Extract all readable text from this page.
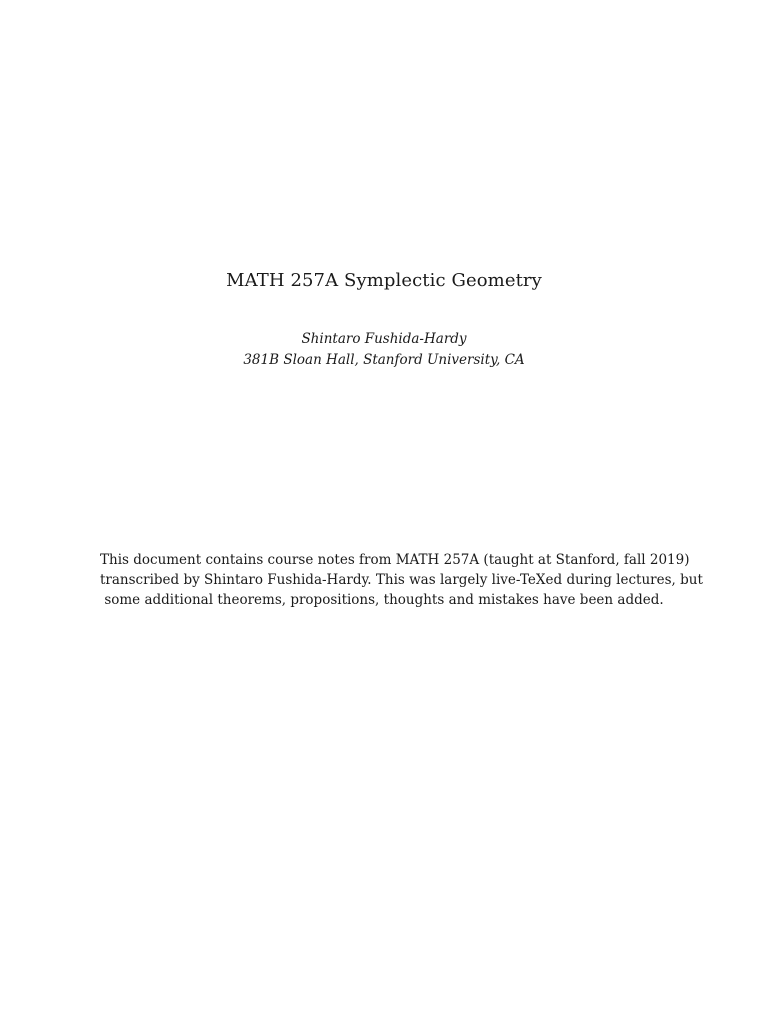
MATH 257A Symplectic Geometry
Shintaro Fushida-Hardy
381B Sloan Hall, Stanford University, CA
This document contains course notes from MATH 257A (taught at Stanford, fall 2019)
transcribed by Shintaro Fushida-Hardy. This was largely live-TeXed during lectures, but
some additional theorems, propositions, thoughts and mistakes have been added.
